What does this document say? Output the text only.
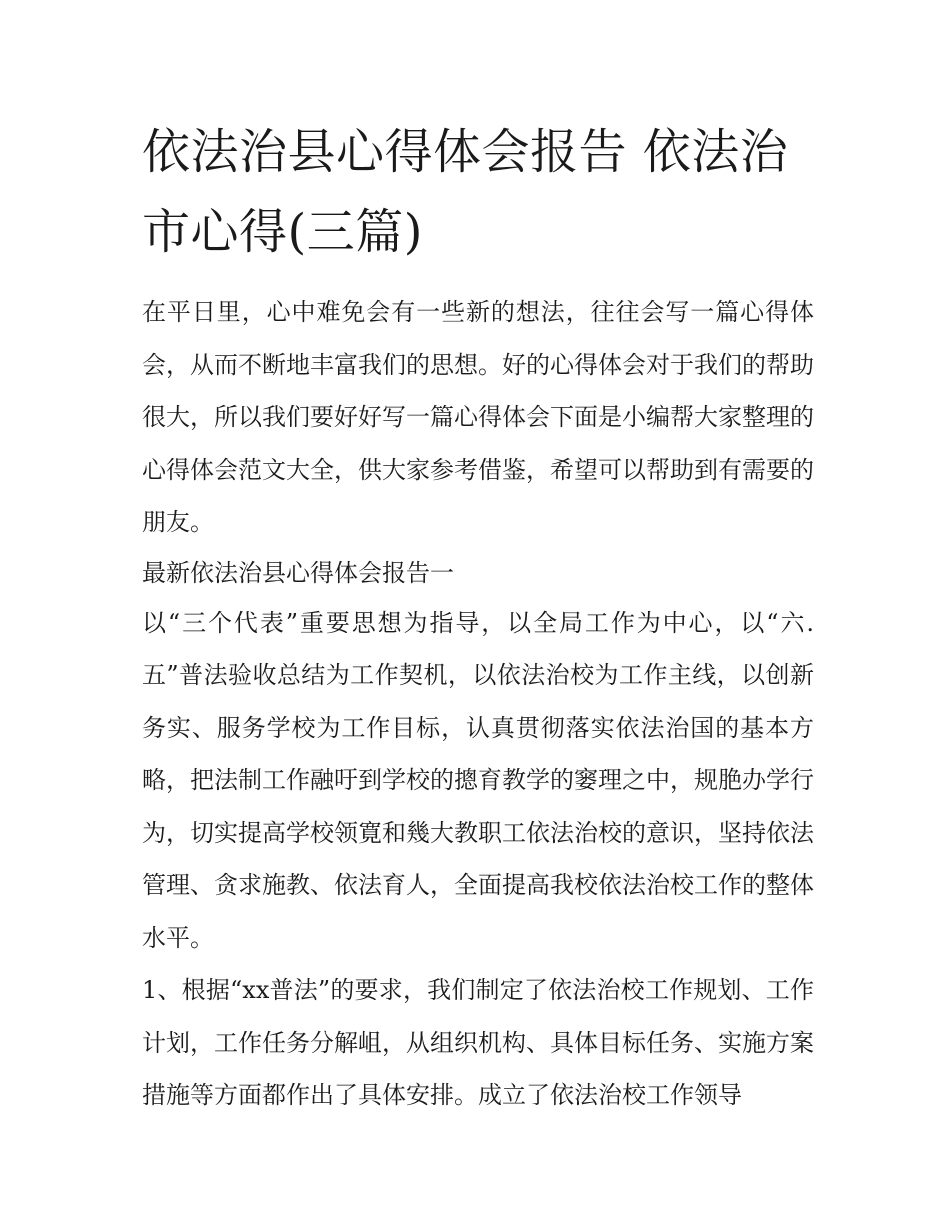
依法治县心得体会报告 依法治市心得(三篇)

在平日里，心中难免会有一些新的想法，往往会写一篇心得体会，从而不断地丰富我们的思想。好的心得体会对于我们的帮助很大，所以我们要好好写一篇心得体会下面是小编帮大家整理的心得体会范文大全，供大家参考借鉴，希望可以帮助到有需要的朋友。

最新依法治县心得体会报告一

以“三个代表”重要思想为指导，以全局工作为中心，以“六.五”普法验收总结为工作契机，以依法治校为工作主线，以创新务实、服务学校为工作目标，认真贯彻落实依法治国的基本方略，把法制工作融吁到学校的摠育教学的窭理之中，规脃办学行为，切实提高学校领寛和幾大教职工依法治校的意识，坚持依法管理、贪求施教、依法育人，全面提高我校依法治校工作的整体水平。

1、根据“xx普法”的要求，我们制定了依法治校工作规划、工作计划，工作任务分解岨，从组织机构、具体目标任务、实施方案措施等方面都作出了具体安排。成立了依法治校工作领导
